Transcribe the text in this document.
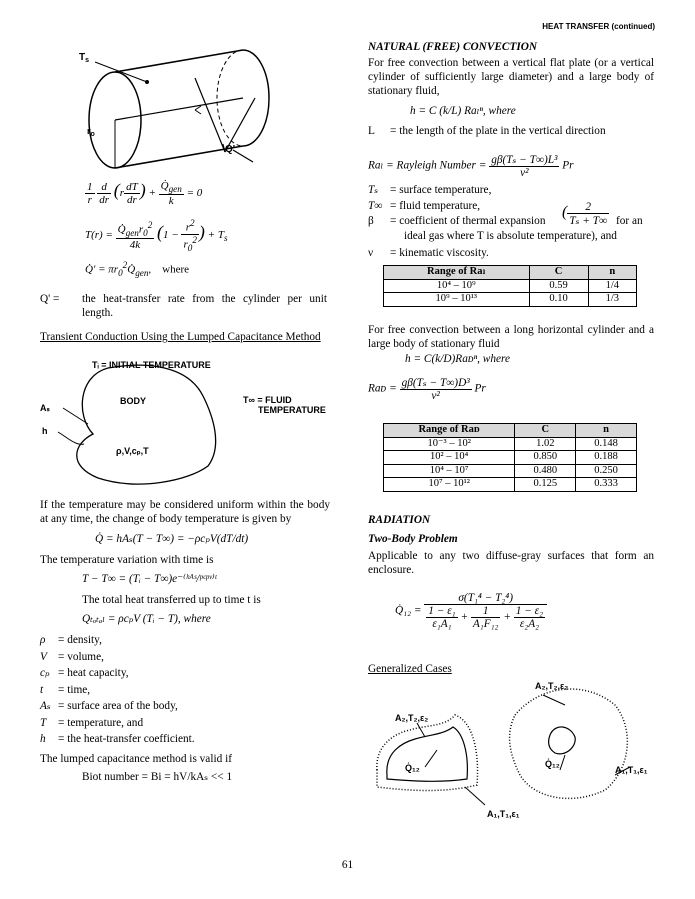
HEAT TRANSFER (continued)
$T_s$
$r_o$
Q'
$\frac{1}{r}$
$\frac{d}{dr} (r \frac{dT}{dr}$ ) + $\frac{Q̇_{gen}}{k} = 0$
$T(r) = \frac{Q̇_{gen}r_0^2}{4k} (1 - \frac{r^2}{r_0^2}$ ) + $T_s$
Q̇′ = $\pi r_0^2Q̇_{gen}$,    where
Q' =	the heat-transfer rate from the cylinder per unit length.
Transient Conduction Using the Lumped Capacitance Method
Tᵢ = INITIAL TEMPERATURE
BODY
Aₛ
h
T∞ = FLUID
TEMPERATURE
ρ,V,cₚ,T
If the temperature may be considered uniform within the body at any time, the change of body temperature is given by
Q̇ = hAₛ(T − T∞) = −ρcₚV(dT/dt)
The temperature variation with time is
T − T∞ = (Tᵢ − T∞)e⁻⁽ʰᴬˢ/ᵖᶜᵖᵛ⁾ᵗ
The total heat transferred up to time t is
Qₜₒₜₐₗ = ρcₚV (Tᵢ − T), where
ρ = density,
V = volume,
cₚ = heat capacity,
t = time,
Aₛ = surface area of the body,
T = temperature, and
h = the heat-transfer coefficient.
The lumped capacitance method is valid if
Biot number = Bi = hV/kAₛ << 1
NATURAL (FREE) CONVECTION
For free convection between a vertical flat plate (or a vertical cylinder of sufficiently large diameter) and a large body of stationary fluid,
h = C (k/L) Raₗⁿ, where
L = the length of the plate in the vertical direction
Raₗ = Rayleigh Number = $\frac{\text{gβ(Tₛ − T∞)L³}}{\text{ν²}}$ Pr
Tₛ = surface temperature,
T∞ = fluid temperature,
β = coefficient of thermal expansion
( $\frac{2}{\text{Tₛ + T∞}}$ for an
ideal gas where T is absolute temperature), and
ν = kinematic viscosity.
Range of Raₗ	C	n
10⁴ – 10⁹	0.59	1/4
10⁹ – 10¹³	0.10	1/3
For free convection between a long horizontal cylinder and a large body of stationary fluid
h = C(k/D)Raᴅⁿ, where
Raᴅ = $\frac{\text{gβ(Tₛ − T∞)D³}}{\text{ν²}}$ Pr
Range of Raᴅ	C	n
10⁻³ – 10²	1.02	0.148
10² – 10⁴	0.850	0.188
10⁴ – 10⁷	0.480	0.250
10⁷ – 10¹²	0.125	0.333
RADIATION
Two-Body Problem
Applicable to any two diffuse-gray surfaces that form an enclosure.
Q̇₁₂ = $\frac{\text{σ(T₁⁴ − T₂⁴)}}{\frac{\text{1 − ε₁}}{\text{ε₁A₁}} + \frac{1}{\text{A₁F₁₂}} + \frac{\text{1 − ε₂}}{\text{ε₂A₂}}}$
Generalized Cases
A₂,T₂,ε₂
A₂,T₂,ε₂
Q̇₁₂	Q̇₁₂
A₁,T₁,ε₁
A₁,T₁,ε₁
61
